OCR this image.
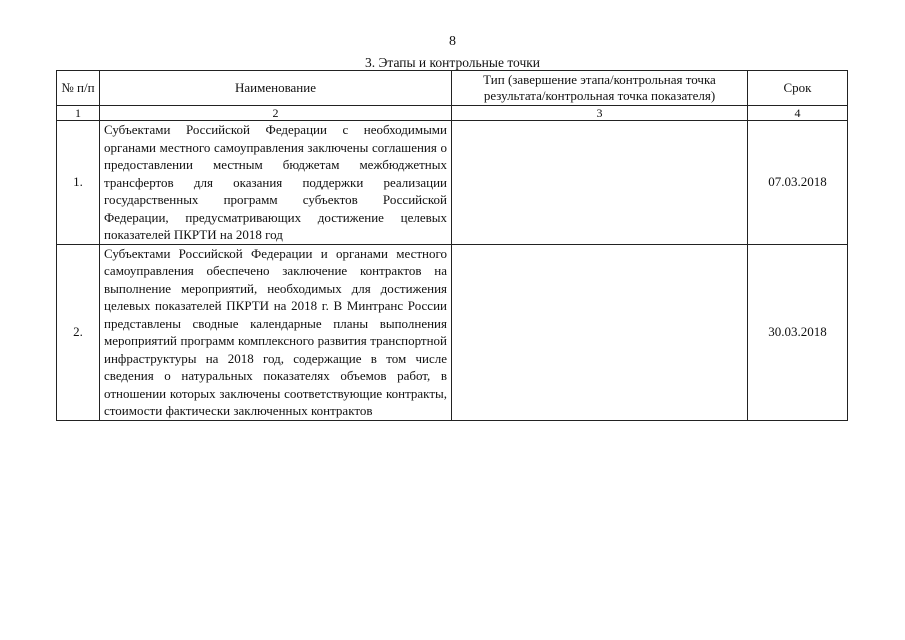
8
3. Этапы и контрольные точки
№ п/п	Наименование	Тип (завершение этапа/контрольная точка результата/контрольная точка показателя)	Срок
1	2	3	4
1.	Субъектами Российской Федерации с необходимыми органами местного самоуправления заключены соглашения о предоставлении местным бюджетам межбюджетных трансфертов для оказания поддержки реализации государственных программ субъектов Российской Федерации, предусматривающих достижение целевых показателей ПКРТИ на 2018 год		07.03.2018
2.	Субъектами Российской Федерации и органами местного самоуправления обеспечено заключение контрактов на выполнение мероприятий, необходимых для достижения целевых показателей ПКРТИ на 2018 г. В Минтранс России представлены сводные календарные планы выполнения мероприятий программ комплексного развития транспортной инфраструктуры на 2018 год, содержащие в том числе сведения о натуральных показателях объемов работ, в отношении которых заключены соответствующие контракты, стоимости фактически заключенных контрактов		30.03.2018
